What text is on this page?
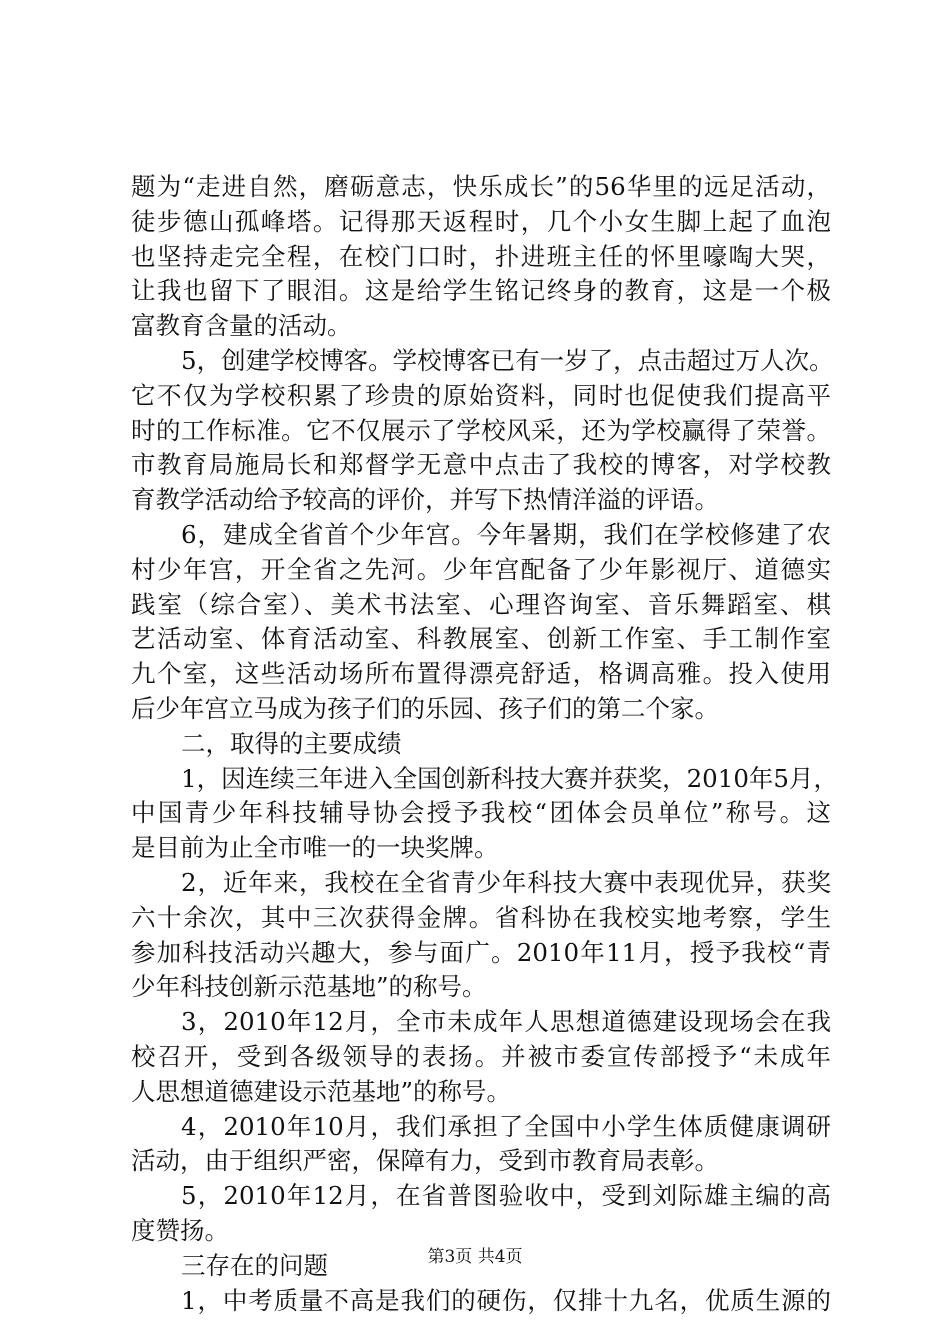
题为“走进自然，磨砺意志，快乐成长”的56华里的远足活动，
徒步德山孤峰塔。记得那天返程时，几个小女生脚上起了血泡
也坚持走完全程，在校门口时，扑进班主任的怀里嚎啕大哭，
让我也留下了眼泪。这是给学生铭记终身的教育，这是一个极
富教育含量的活动。
5，创建学校博客。学校博客已有一岁了，点击超过万人次。
它不仅为学校积累了珍贵的原始资料，同时也促使我们提高平
时的工作标准。它不仅展示了学校风采，还为学校赢得了荣誉。
市教育局施局长和郑督学无意中点击了我校的博客，对学校教
育教学活动给予较高的评价，并写下热情洋溢的评语。
6，建成全省首个少年宫。今年暑期，我们在学校修建了农
村少年宫，开全省之先河。少年宫配备了少年影视厅、道德实
践室（综合室）、美术书法室、心理咨询室、音乐舞蹈室、棋
艺活动室、体育活动室、科教展室、创新工作室、手工制作室
九个室，这些活动场所布置得漂亮舒适，格调高雅。投入使用
后少年宫立马成为孩子们的乐园、孩子们的第二个家。
二，取得的主要成绩
1，因连续三年进入全国创新科技大赛并获奖，2010年5月，
中国青少年科技辅导协会授予我校“团体会员单位”称号。这
是目前为止全市唯一的一块奖牌。
2，近年来，我校在全省青少年科技大赛中表现优异，获奖
六十余次，其中三次获得金牌。省科协在我校实地考察，学生
参加科技活动兴趣大，参与面广。2010年11月，授予我校“青
少年科技创新示范基地”的称号。
3，2010年12月，全市未成年人思想道德建设现场会在我
校召开，受到各级领导的表扬。并被市委宣传部授予“未成年
人思想道德建设示范基地”的称号。
4，2010年10月，我们承担了全国中小学生体质健康调研
活动，由于组织严密，保障有力，受到市教育局表彰。
5，2010年12月，在省普图验收中，受到刘际雄主编的高
度赞扬。
三存在的问题
1，中考质量不高是我们的硬伤，仅排十九名，优质生源的
第3页 共4页
